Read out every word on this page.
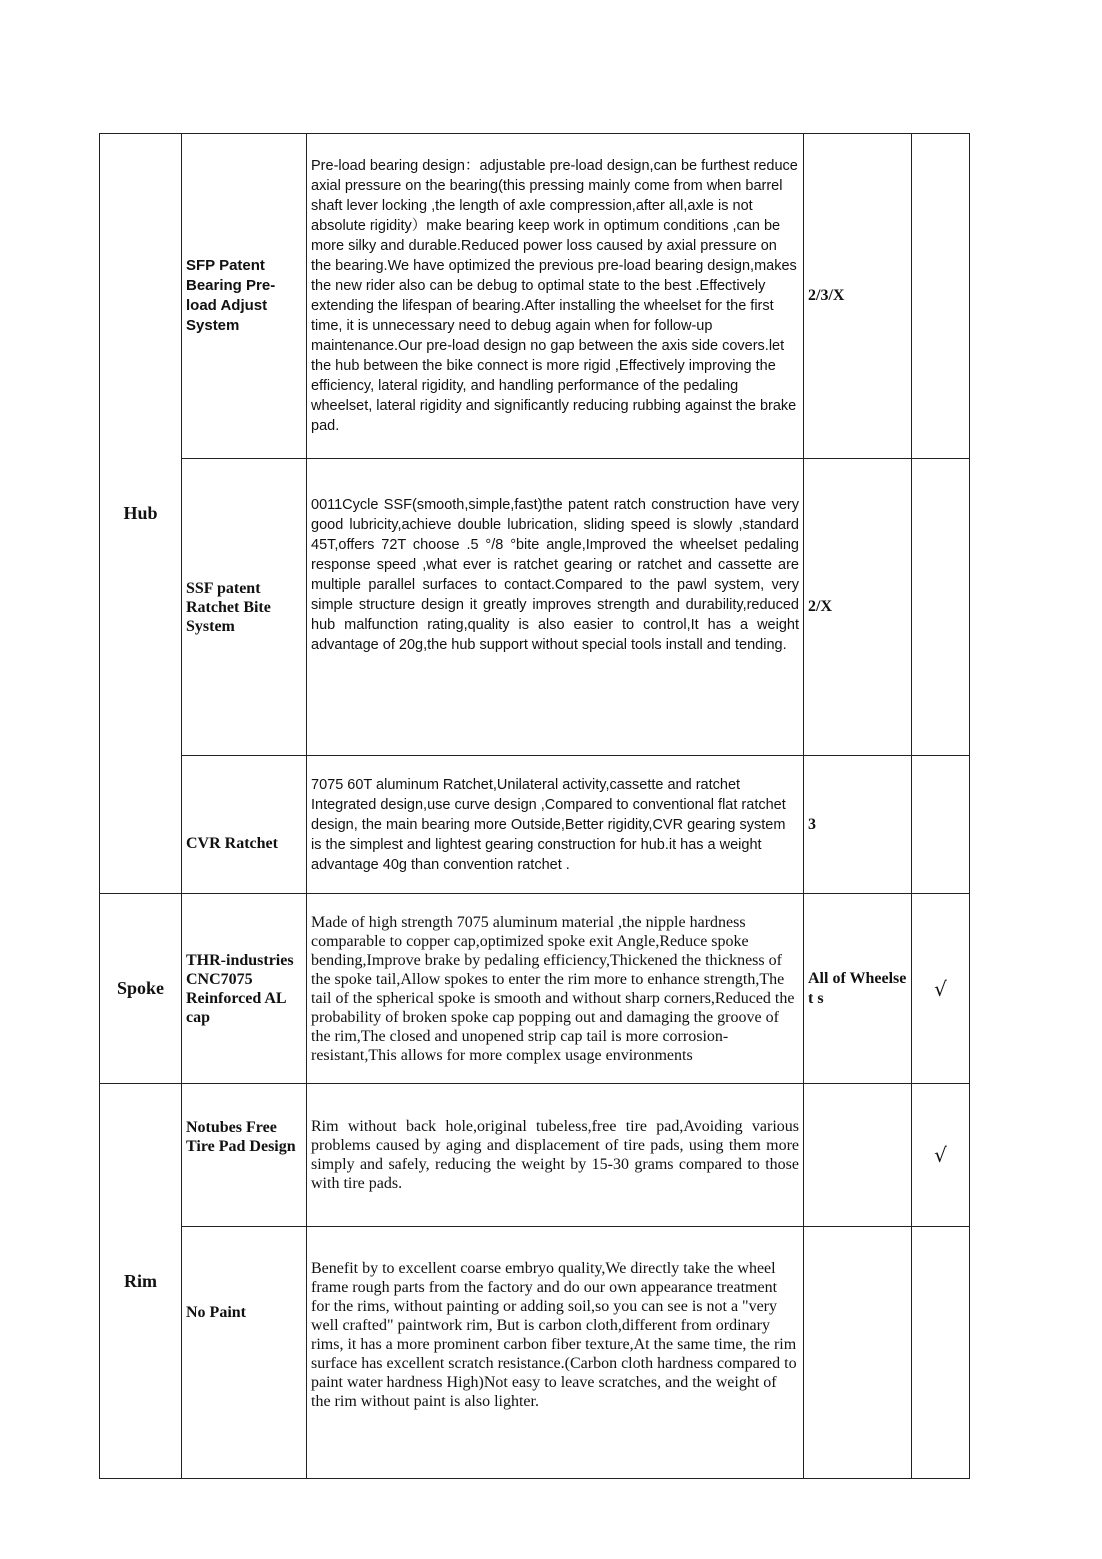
Hub	SFP Patent Bearing Pre-load Adjust System	Pre-load bearing design：adjustable pre-load design,can be furthest reduce axial pressure on the bearing(this pressing mainly come from when barrel shaft lever locking ,the length of axle compression,after all,axle is not absolute rigidity）make bearing keep work in optimum conditions ,can be more silky and durable.Reduced power loss caused by axial pressure on the bearing.We have optimized the previous pre-load bearing design,makes the new rider also can be debug to optimal state to the best .Effectively extending the lifespan of bearing.After installing the wheelset for the first time, it is unnecessary need to debug again when for follow-up maintenance.Our pre-load design no gap between the axis side covers.let the hub between the bike connect is more rigid ,Effectively improving the efficiency, lateral rigidity, and handling performance of the pedaling wheelset, lateral rigidity and significantly reducing rubbing against the brake pad.	2/3/X	
	SSF patent Ratchet Bite System	0011Cycle SSF(smooth,simple,fast)the patent ratch construction have very good lubricity,achieve double lubrication, sliding speed is slowly ,standard 45T,offers 72T choose .5 °/8 °bite angle,Improved the wheelset pedaling response speed ,what ever is ratchet gearing or ratchet and cassette are multiple parallel surfaces to contact.Compared to the pawl system, very simple structure design it greatly improves strength and durability,reduced hub malfunction rating,quality is also easier to control,It has a weight advantage of 20g,the hub support without special tools install and tending.	2/X	
	CVR Ratchet	7075 60T aluminum Ratchet,Unilateral activity,cassette and ratchet Integrated design,use curve design ,Compared to conventional flat ratchet design, the main bearing more Outside,Better rigidity,CVR gearing system is the simplest and lightest gearing construction for hub.it has a weight advantage 40g than convention ratchet .	3	
Spoke	THR-industries CNC7075 Reinforced AL cap	Made of high strength 7075 aluminum material ,the nipple hardness comparable to copper cap,optimized spoke exit Angle,Reduce spoke bending,Improve brake by pedaling efficiency,Thickened the thickness of the spoke tail,Allow spokes to enter the rim more to enhance strength,The tail of the spherical spoke is smooth and without sharp corners,Reduced the probability of broken spoke cap popping out and damaging the groove of the rim,The closed and unopened strip cap tail is more corrosion-resistant,This allows for more complex usage environments	All of Wheelset s	√
Rim	Notubes Free Tire Pad Design	Rim without back hole,original tubeless,free tire pad,Avoiding various problems caused by aging and displacement of tire pads, using them more simply and safely, reducing the weight by 15-30 grams compared to those with tire pads.		√
	No Paint	Benefit by to excellent coarse embryo quality,We directly take the wheel frame rough parts from the factory and do our own appearance treatment for the rims, without painting or adding soil,so you can see is not a "very well crafted" paintwork rim, But is carbon cloth,different from ordinary rims, it has a more prominent carbon fiber texture,At the same time, the rim surface has excellent scratch resistance.(Carbon cloth hardness compared to paint water hardness High)Not easy to leave scratches, and the weight of the rim without paint is also lighter.		
